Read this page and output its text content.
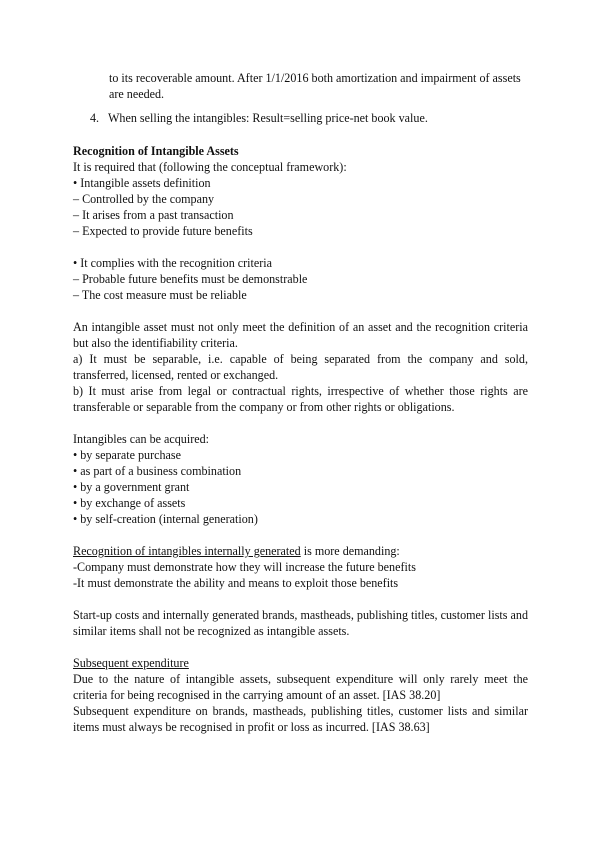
to its recoverable amount. After 1/1/2016 both amortization and impairment of assets

are needed.

4. When selling the intangibles: Result=selling price-net book value.

Recognition of Intangible Assets

It is required that (following the conceptual framework):

• Intangible assets definition

– Controlled by the company

– It arises from a past transaction

– Expected to provide future benefits

• It complies with the recognition criteria

– Probable future benefits must be demonstrable

– The cost measure must be reliable

An intangible asset must not only meet the definition of an asset and the recognition criteria but also the identifiability criteria.
a) It must be separable, i.e. capable of being separated from the company and sold, transferred, licensed, rented or exchanged.
b) It must arise from legal or contractual rights, irrespective of whether those rights are transferable or separable from the company or from other rights or obligations.

Intangibles can be acquired:

• by separate purchase

• as part of a business combination

• by a government grant

• by exchange of assets

• by self-creation (internal generation)

Recognition of intangibles internally generated is more demanding:

-Company must demonstrate how they will increase the future benefits

-It must demonstrate the ability and means to exploit those benefits

Start-up costs and internally generated brands, mastheads, publishing titles, customer lists and similar items shall not be recognized as intangible assets.

Subsequent expenditure

Due to the nature of intangible assets, subsequent expenditure will only rarely meet the criteria for being recognised in the carrying amount of an asset. [IAS 38.20]

Subsequent expenditure on brands, mastheads, publishing titles, customer lists and similar items must always be recognised in profit or loss as incurred. [IAS 38.63]
